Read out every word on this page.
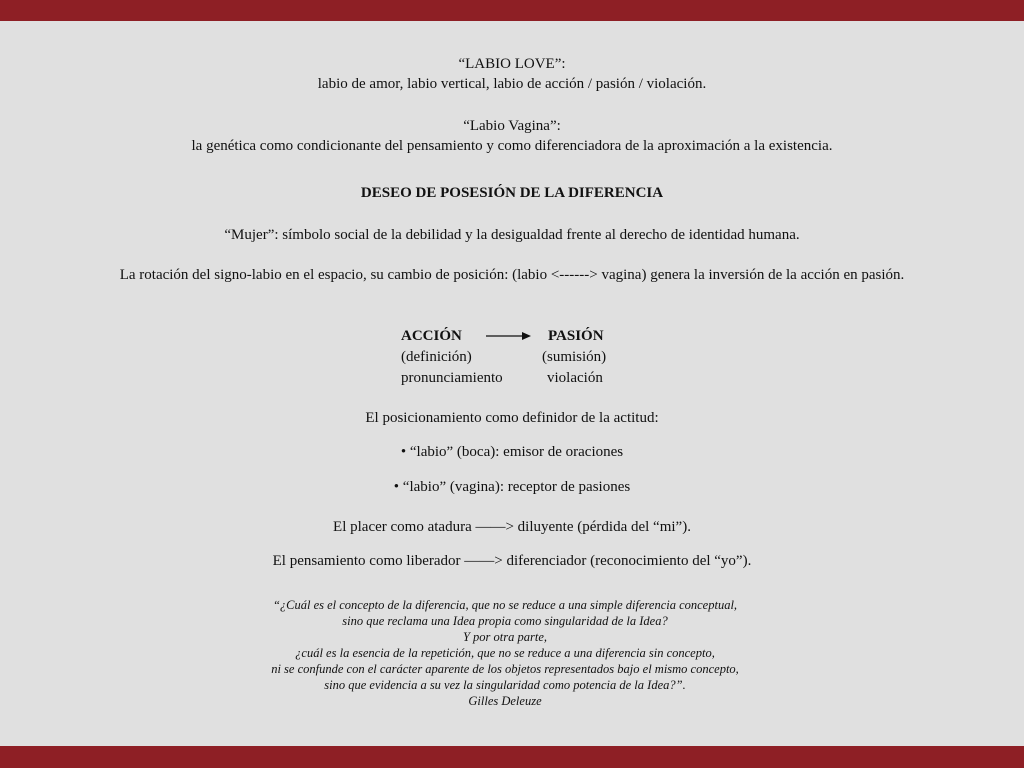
“LABIO LOVE”:
labio de amor, labio vertical, labio de acción / pasión / violación.
“Labio Vagina”:
la genética como condicionante del pensamiento y como diferenciadora de la aproximación a la existencia.
DESEO DE POSESIÓN DE LA DIFERENCIA
“Mujer”: símbolo social de la debilidad y la desigualdad frente al derecho de identidad humana.
La rotación del signo-labio en el espacio, su cambio de posición: (labio <------> vagina) genera la inversión de la acción en pasión.
ACCIÓN	PASIÓN
(definición)	(sumisión)
pronunciamiento	violación
El posicionamiento como definidor de la actitud:
• “labio” (boca): emisor de oraciones
• “labio” (vagina): receptor de pasiones
El placer como atadura ——> diluyente (pérdida del “mi”).
El pensamiento como liberador ——> diferenciador (reconocimiento del “yo”).
“¿Cuál es el concepto de la diferencia, que no se reduce a una simple diferencia conceptual,
sino que reclama una Idea propia como singularidad de la Idea?
Y por otra parte,
¿cuál es la esencia de la repetición, que no se reduce a una diferencia sin concepto,
ni se confunde con el carácter aparente de los objetos representados bajo el mismo concepto,
sino que evidencia a su vez la singularidad como potencia de la Idea?”.
Gilles Deleuze
